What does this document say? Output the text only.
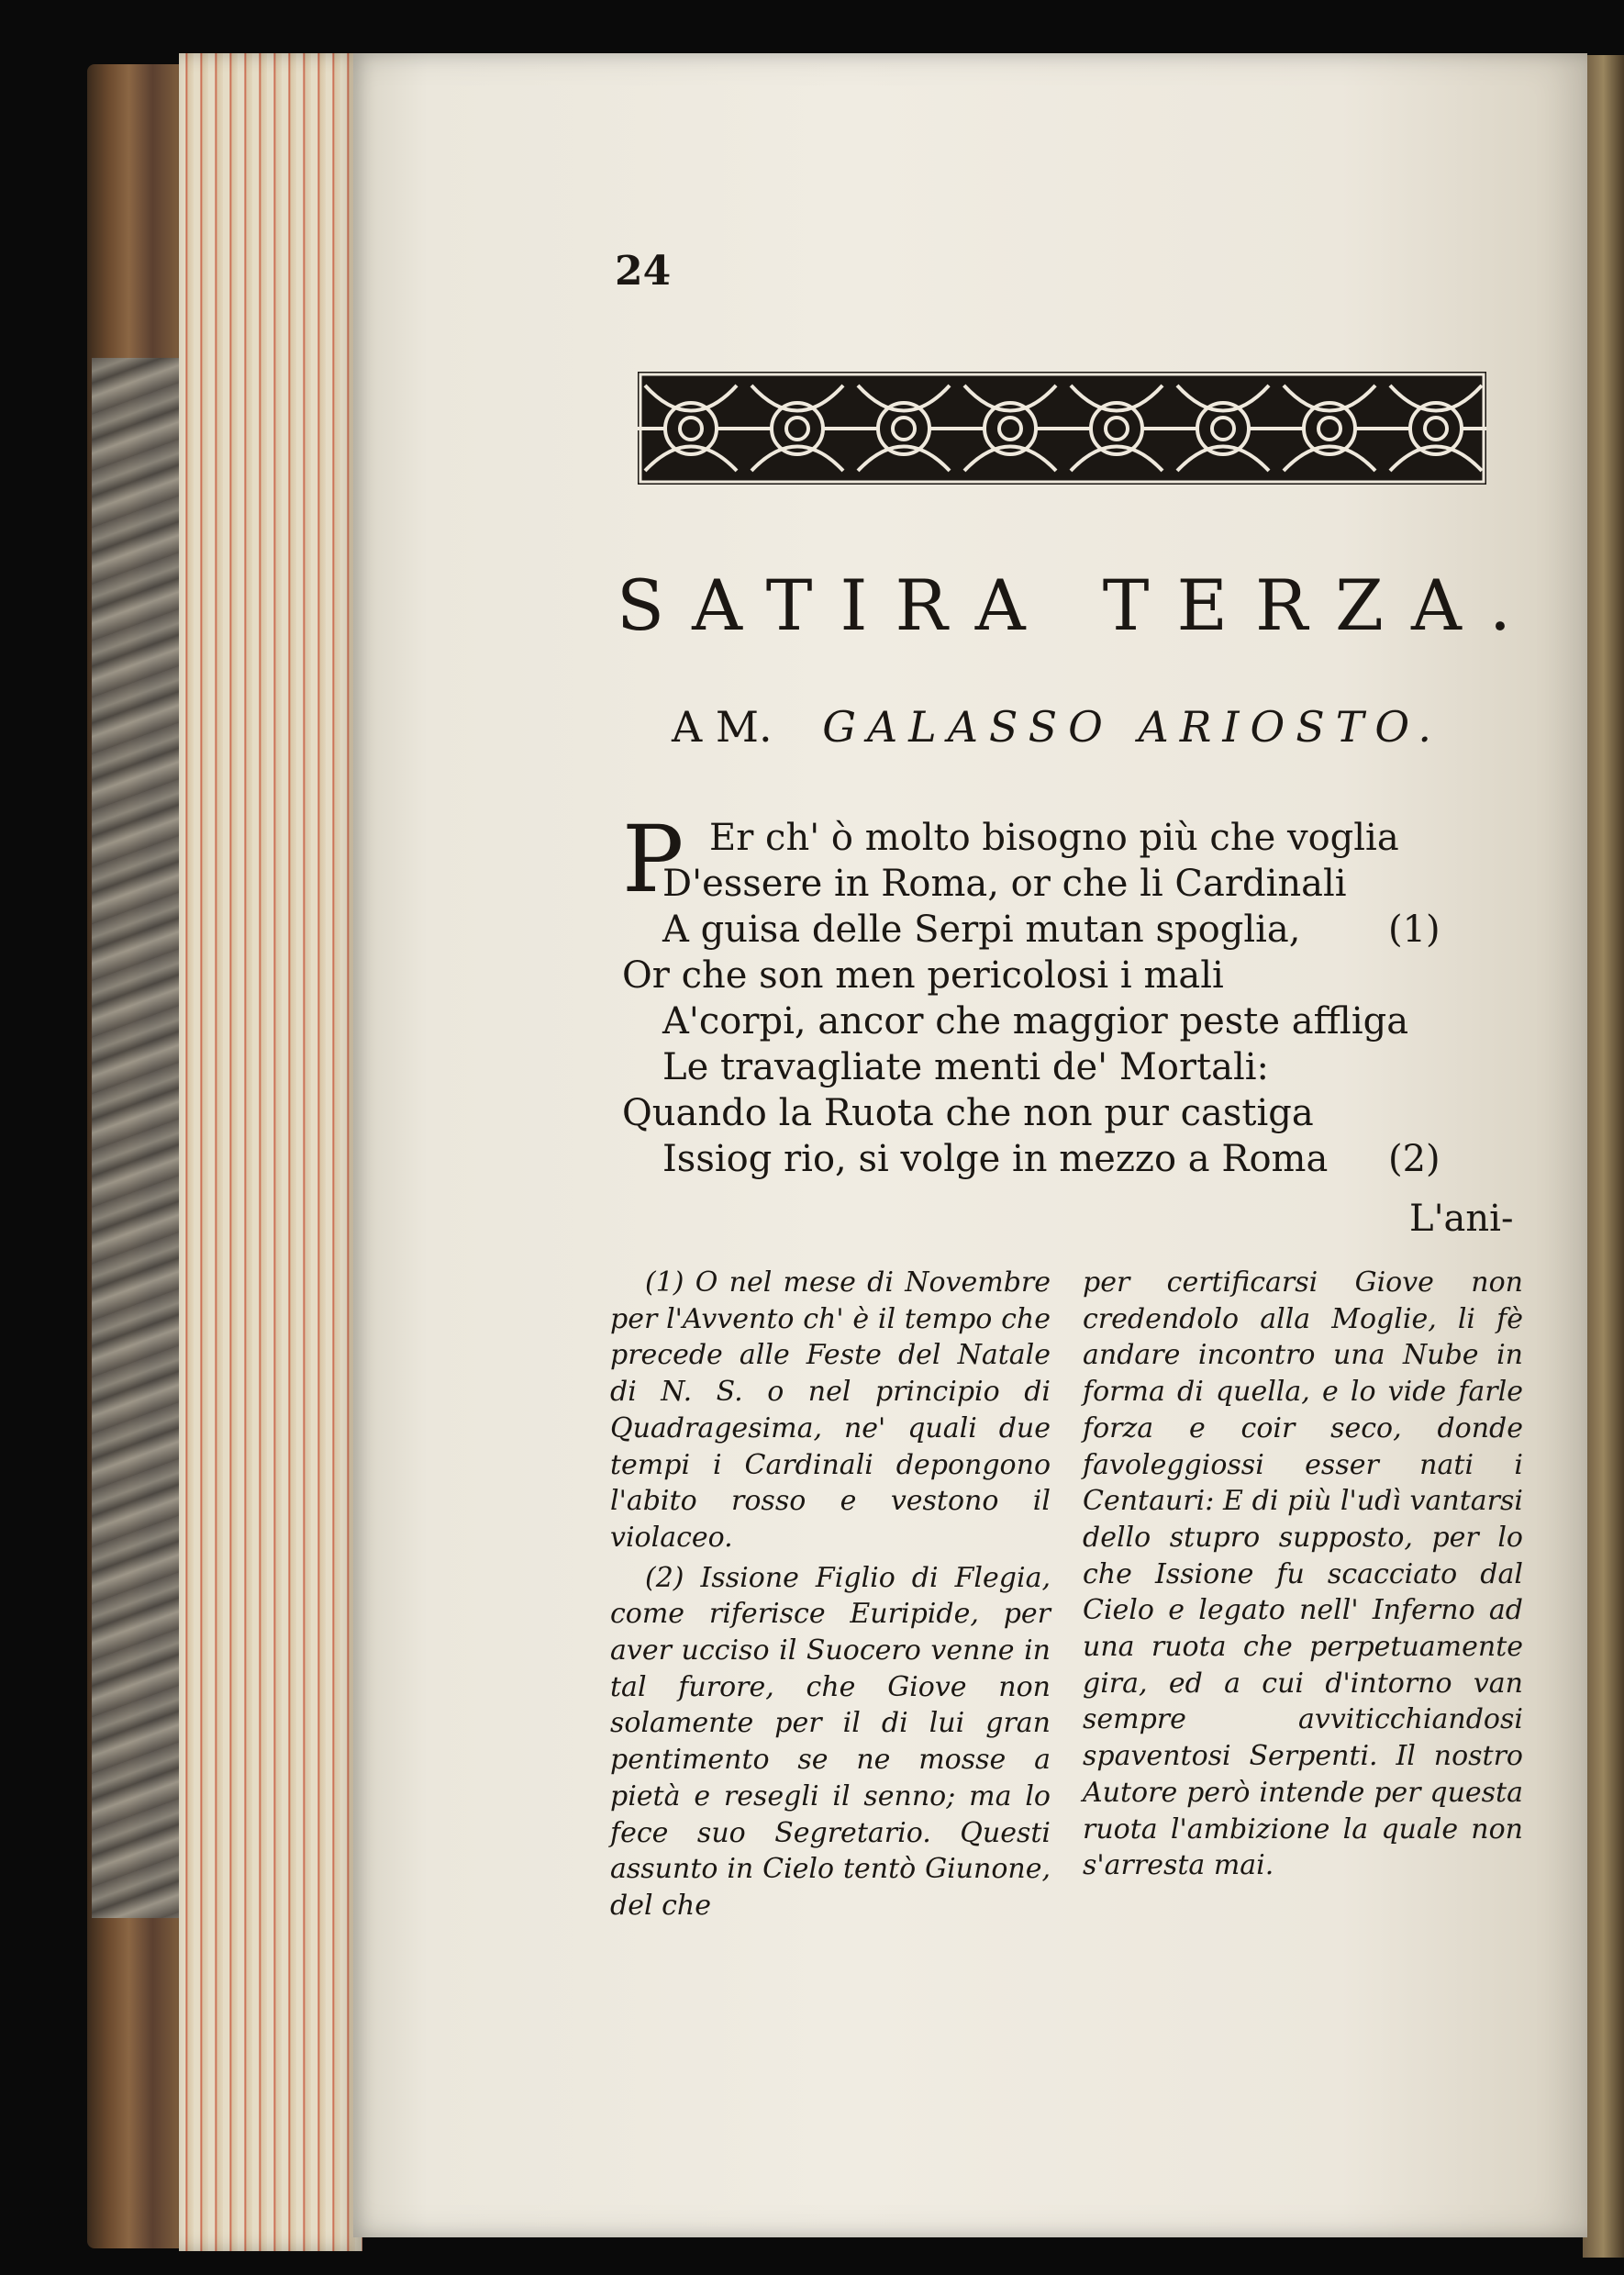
24
SATIRA TERZA.
A M. GALASSO ARIOSTO.
P Er ch' ò molto bisogno più che voglia
D'essere in Roma, or che li Cardinali
A guisa delle Serpi mutan spoglia, (1)
Or che son men pericolosi i mali
A'corpi, ancor che maggior peste affliga
Le travagliate menti de' Mortali:
Quando la Ruota che non pur castiga
Issiog rio, si volge in mezzo a Roma (2)
L'ani-

(1) O nel mese di Novembre per l'Avvento ch' è il tempo che precede alle Feste del Natale di N. S. o nel principio di Quadragesima, ne' quali due tempi i Cardinali depongono l'abito rosso e vestono il violaceo.

(2) Issione Figlio di Flegia, come riferisce Euripide, per aver ucciso il Suocero venne in tal furore, che Giove non solamente per il di lui gran pentimento se ne mosse a pietà e resegli il senno; ma lo fece suo Segretario. Questi assunto in Cielo tentò Giunone, del che

per certificarsi Giove non credendolo alla Moglie, li fè andare incontro una Nube in forma di quella, e lo vide farle forza e coir seco, donde favoleggiossi esser nati i Centauri: E di più l'udì vantarsi dello stupro supposto, per lo che Issione fu scacciato dal Cielo e legato nell' Inferno ad una ruota che perpetuamente gira, ed a cui d'intorno van sempre avviticchiandosi spaventosi Serpenti. Il nostro Autore però intende per questa ruota l'ambizione la quale non s'arresta mai.
